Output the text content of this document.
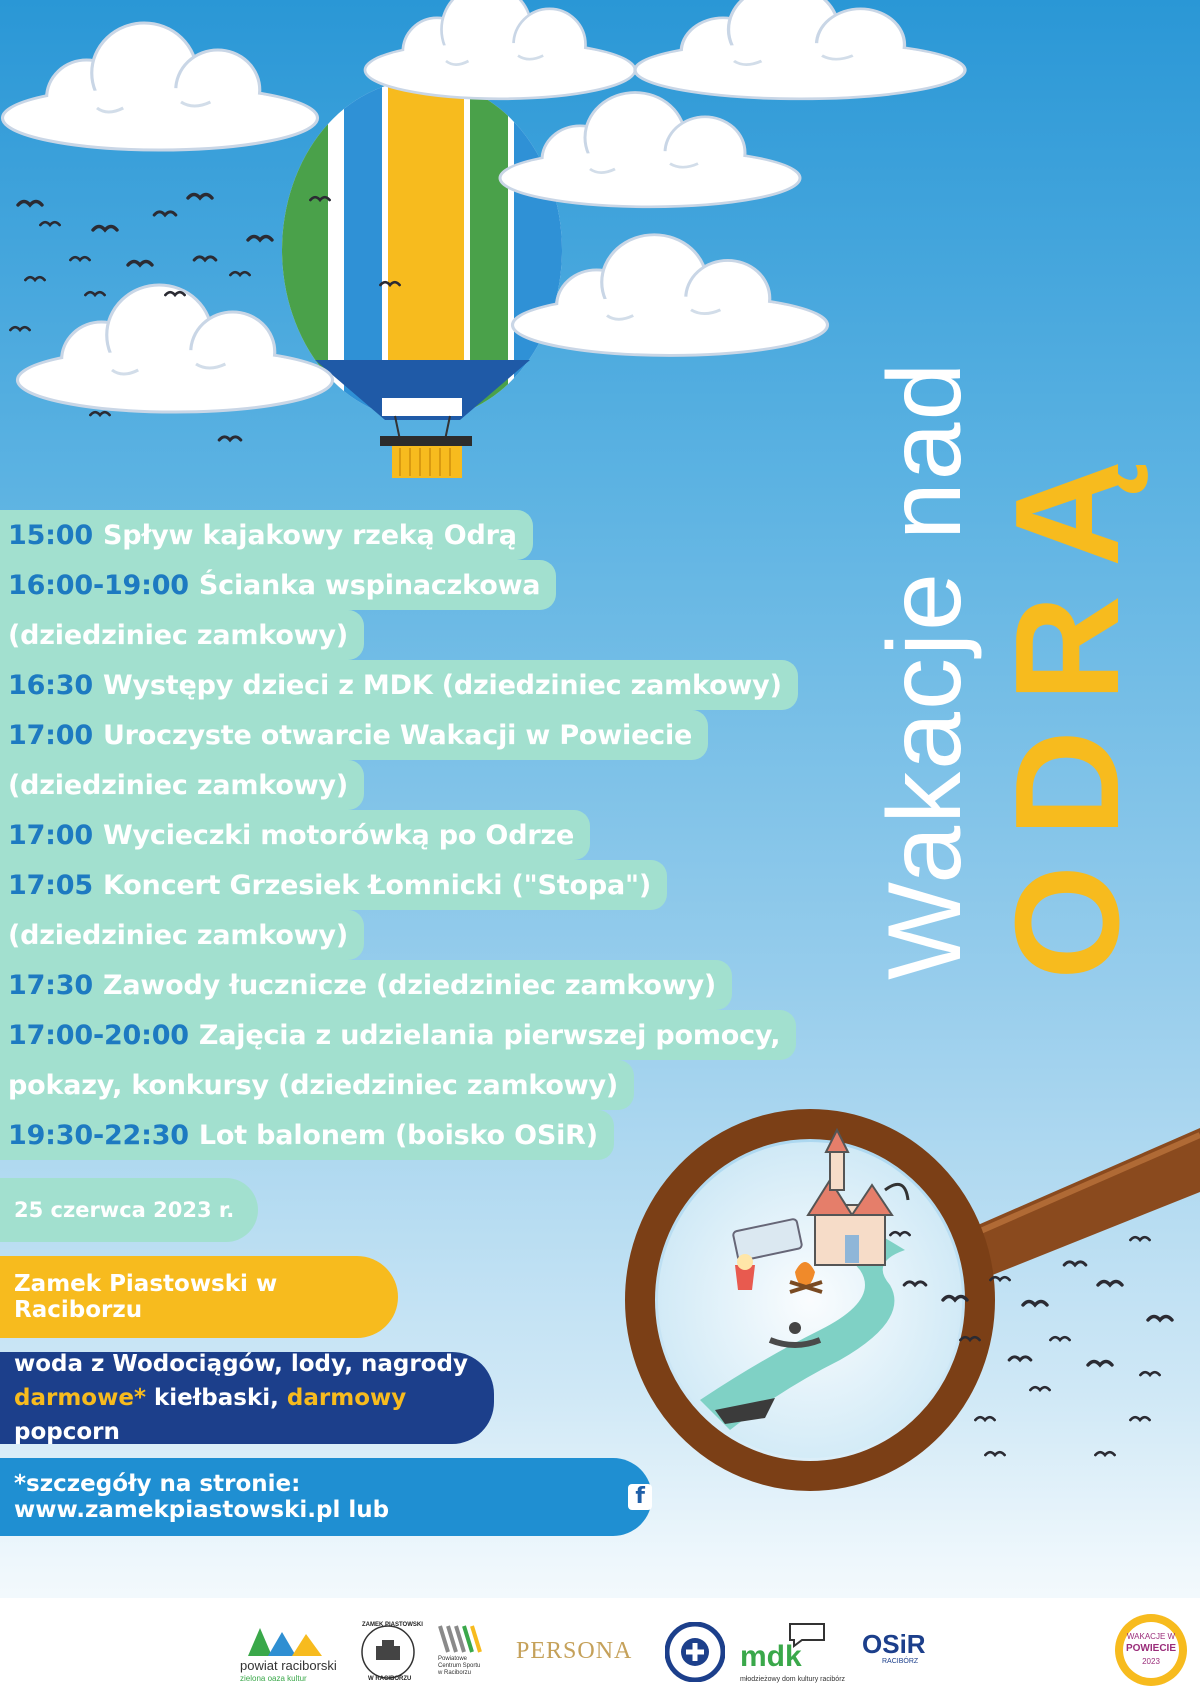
Wakacje nad ODRĄ
15:00 Spływ kajakowy rzeką Odrą
16:00-19:00 Ścianka wspinaczkowa
(dziedziniec zamkowy)
16:30 Występy dzieci z MDK (dziedziniec zamkowy)
17:00 Uroczyste otwarcie Wakacji w Powiecie
(dziedziniec zamkowy)
17:00 Wycieczki motorówką po Odrze
17:05 Koncert Grzesiek Łomnicki ("Stopa")
(dziedziniec zamkowy)
17:30 Zawody łucznicze (dziedziniec zamkowy)
17:00-20:00 Zajęcia z udzielania pierwszej pomocy,
pokazy, konkursy (dziedziniec zamkowy)
19:30-22:30 Lot balonem (boisko OSiR)
25 czerwca 2023 r.
Zamek Piastowski w Raciborzu
woda z Wodociągów, lody, nagrody
darmowe* kiełbaski, darmowy popcorn
*szczegóły na stronie: www.zamekpiastowski.pl lub
f
powiat raciborski
zielona oaza kultur
ZAMEK PIASTOWSKI
W RACIBORZU
Powiatowe Centrum Sportu w Raciborzu
PERSONA	mdk
młodzieżowy dom kultury racibórz
OSiR
RACIBÓRZ
WAKACJE W
POWIECIE
2023
